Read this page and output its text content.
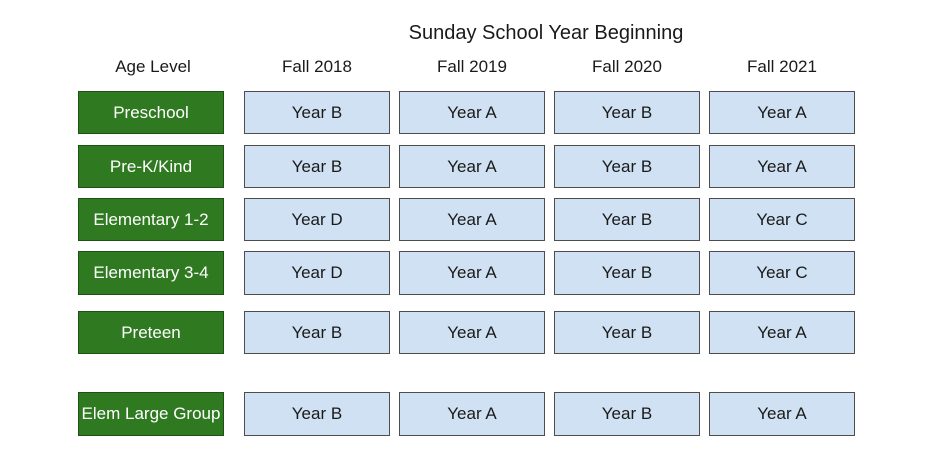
Sunday School Year Beginning
Age Level	Fall 2018	Fall 2019	Fall 2020	Fall 2021
Preschool	Year B	Year A	Year B	Year A
Pre-K/Kind	Year B	Year A	Year B	Year A
Elementary 1-2	Year D	Year A	Year B	Year C
Elementary 3-4	Year D	Year A	Year B	Year C
Preteen	Year B	Year A	Year B	Year A
Elem Large Group	Year B	Year A	Year B	Year A
